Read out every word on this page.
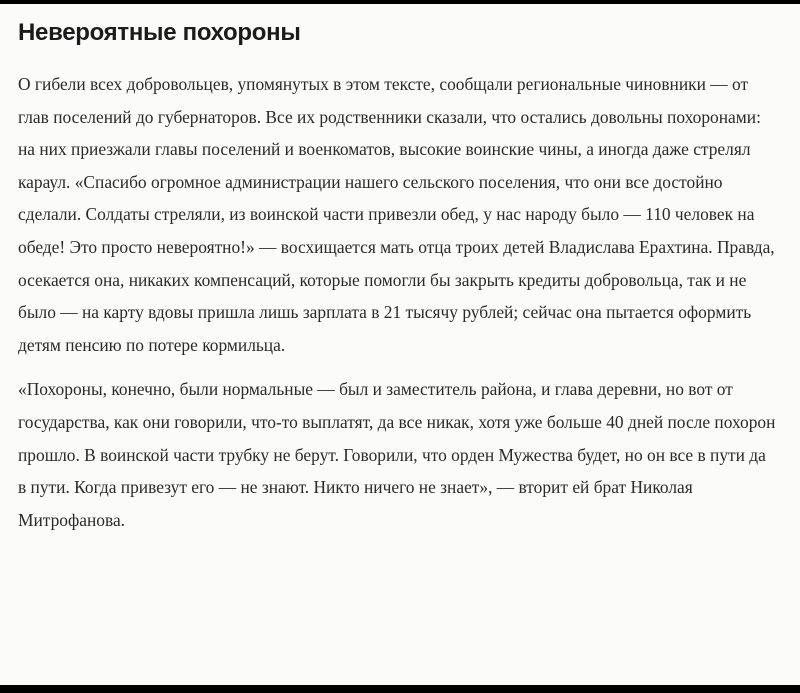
Невероятные похороны

О гибели всех добровольцев, упомянутых в этом тексте, сообщали региональные чиновники — от глав поселений до губернаторов. Все их родственники сказали, что остались довольны похоронами: на них приезжали главы поселений и военкоматов, высокие воинские чины, а иногда даже стрелял караул. «Спасибо огромное администрации нашего сельского поселения, что они все достойно сделали. Солдаты стреляли, из воинской части привезли обед, у нас народу было — 110 человек на обеде! Это просто невероятно!» — восхищается мать отца троих детей Владислава Ерахтина. Правда, осекается она, никаких компенсаций, которые помогли бы закрыть кредиты добровольца, так и не было — на карту вдовы пришла лишь зарплата в 21 тысячу рублей; сейчас она пытается оформить детям пенсию по потере кормильца.

«Похороны, конечно, были нормальные — был и заместитель района, и глава деревни, но вот от государства, как они говорили, что-то выплатят, да все никак, хотя уже больше 40 дней после похорон прошло. В воинской части трубку не берут. Говорили, что орден Мужества будет, но он все в пути да в пути. Когда привезут его — не знают. Никто ничего не знает», — вторит ей брат Николая Митрофанова.
